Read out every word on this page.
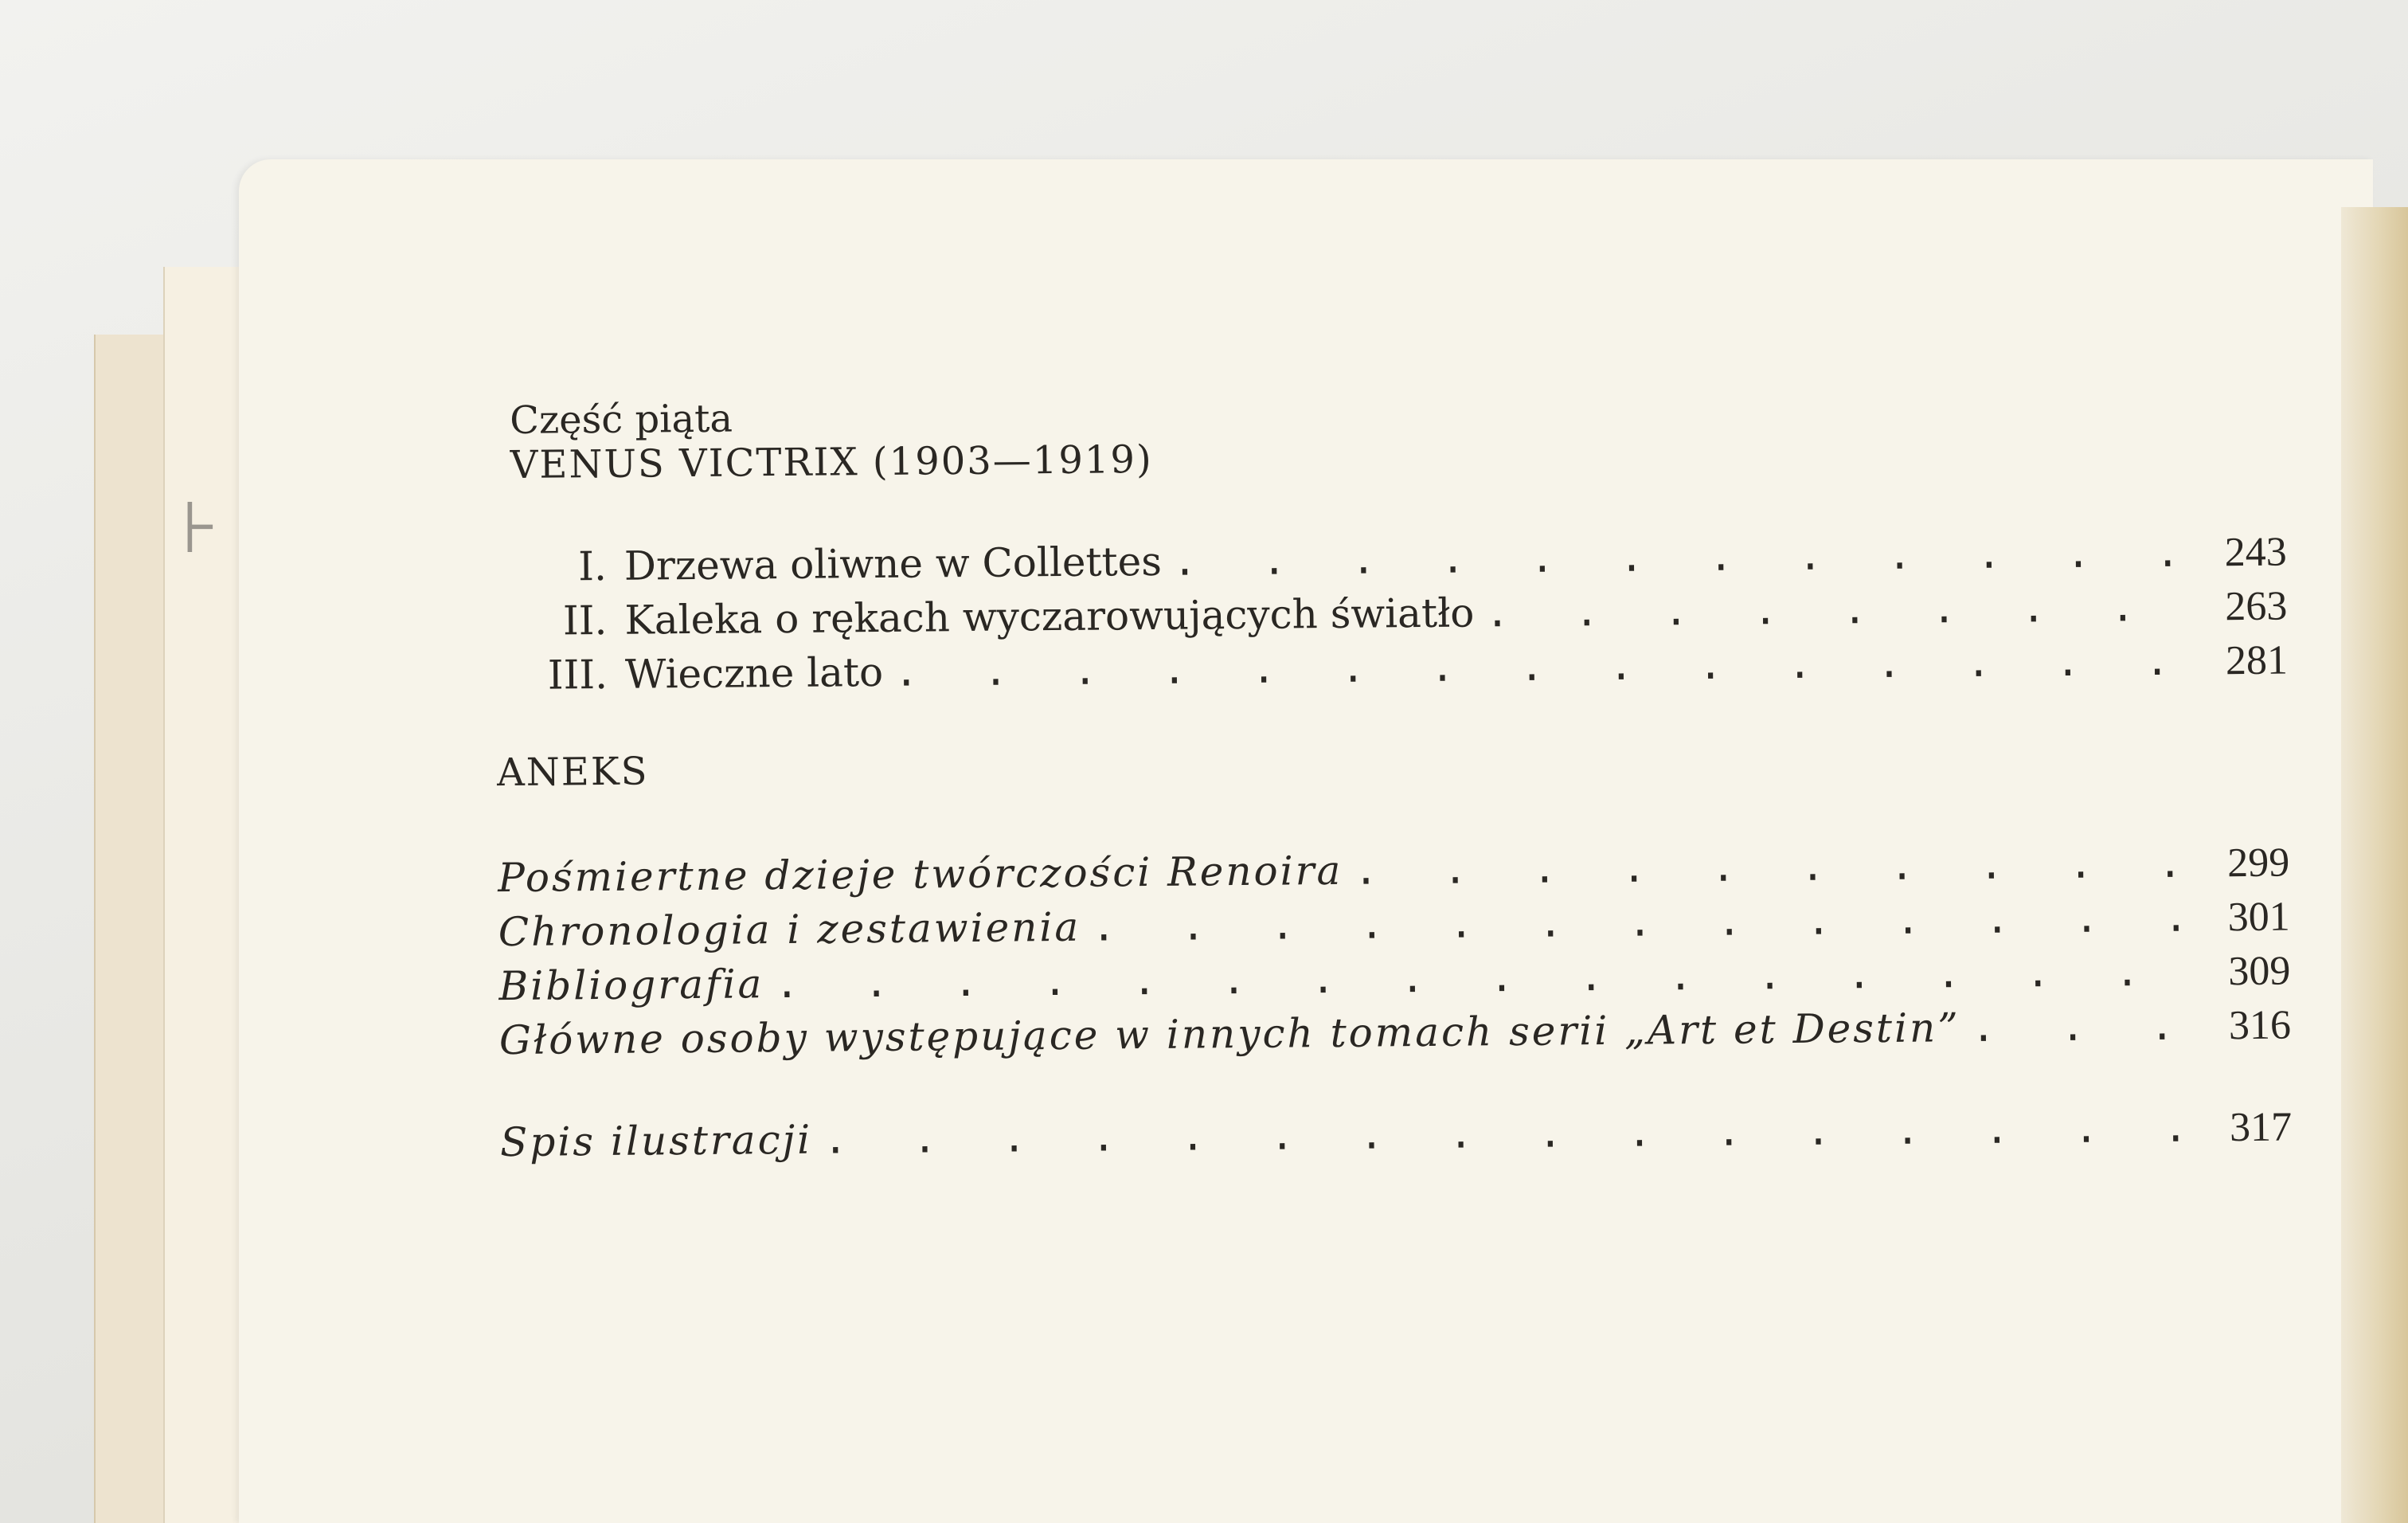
⊦

Część piąta

VENUS VICTRIX (1903—1919)

I. Drzewa oliwne w Collettes . . .	243
II. Kaleka o rękach wyczarowujących światło . . .	263
III. Wieczne lato . . .	281

ANEKS

Pośmiertne dzieje twórczości Renoira . . .	299
Chronologia i zestawienia . . .	301
Bibliografia . . .	309
Główne osoby występujące w innych tomach serii „Art et Destin” . . .	316
Spis ilustracji . . .	317
